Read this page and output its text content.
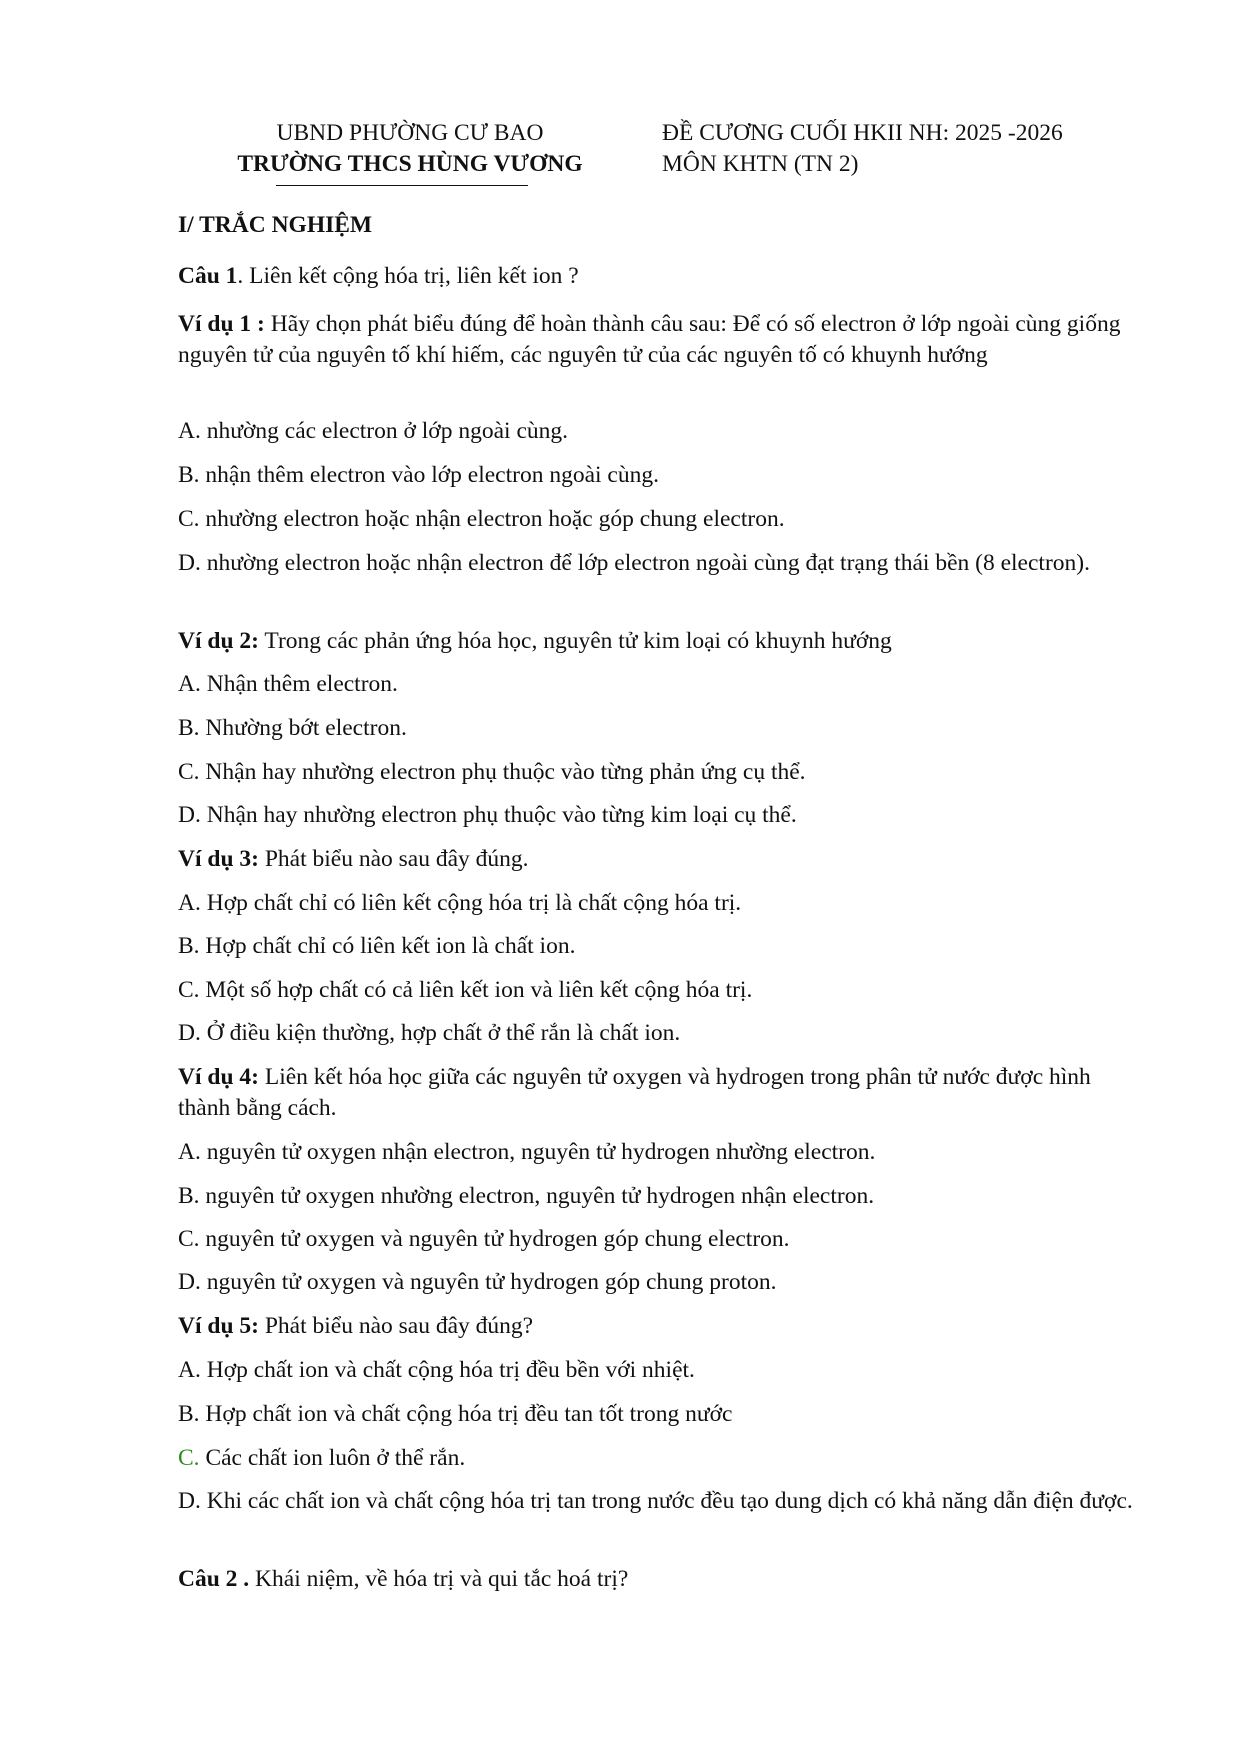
UBND PHƯỜNG CƯ BAO
TRƯỜNG THCS HÙNG VƯƠNG
ĐỀ CƯƠNG CUỐI HKII NH: 2025 -2026
MÔN KHTN (TN 2)
I/ TRẮC NGHIỆM
Câu 1. Liên kết cộng hóa trị, liên kết ion ?
Ví dụ 1 : Hãy chọn phát biểu đúng để hoàn thành câu sau: Để có số electron ở lớp ngoài cùng giống nguyên tử của nguyên tố khí hiếm, các nguyên tử của các nguyên tố có khuynh hướng
A. nhường các electron ở lớp ngoài cùng.
B. nhận thêm electron vào lớp electron ngoài cùng.
C. nhường electron hoặc nhận electron hoặc góp chung electron.
D. nhường electron hoặc nhận electron để lớp electron ngoài cùng đạt trạng thái bền (8 electron).
Ví dụ 2: Trong các phản ứng hóa học, nguyên tử kim loại có khuynh hướng
A. Nhận thêm electron.
B. Nhường bớt electron.
C. Nhận hay nhường electron phụ thuộc vào từng phản ứng cụ thể.
D. Nhận hay nhường electron phụ thuộc vào từng kim loại cụ thể.
Ví dụ 3: Phát biểu nào sau đây đúng.
A. Hợp chất chỉ có liên kết cộng hóa trị là chất cộng hóa trị.
B. Hợp chất chỉ có liên kết ion là chất ion.
C. Một số hợp chất có cả liên kết ion và liên kết cộng hóa trị.
D. Ở điều kiện thường, hợp chất ở thể rắn là chất ion.
Ví dụ 4: Liên kết hóa học giữa các nguyên tử oxygen và hydrogen trong phân tử nước được hình thành bằng cách.
A. nguyên tử oxygen nhận electron, nguyên tử hydrogen nhường electron.
B. nguyên tử oxygen nhường electron, nguyên tử hydrogen nhận electron.
C. nguyên tử oxygen và nguyên tử hydrogen góp chung electron.
D. nguyên tử oxygen và nguyên tử hydrogen góp chung proton.
Ví dụ 5: Phát biểu nào sau đây đúng?
A. Hợp chất ion và chất cộng hóa trị đều bền với nhiệt.
B. Hợp chất ion và chất cộng hóa trị đều tan tốt trong nước
C. Các chất ion luôn ở thể rắn.
D. Khi các chất ion và chất cộng hóa trị tan trong nước đều tạo dung dịch có khả năng dẫn điện được.
Câu 2 . Khái niệm, về hóa trị và qui tắc hoá trị?
